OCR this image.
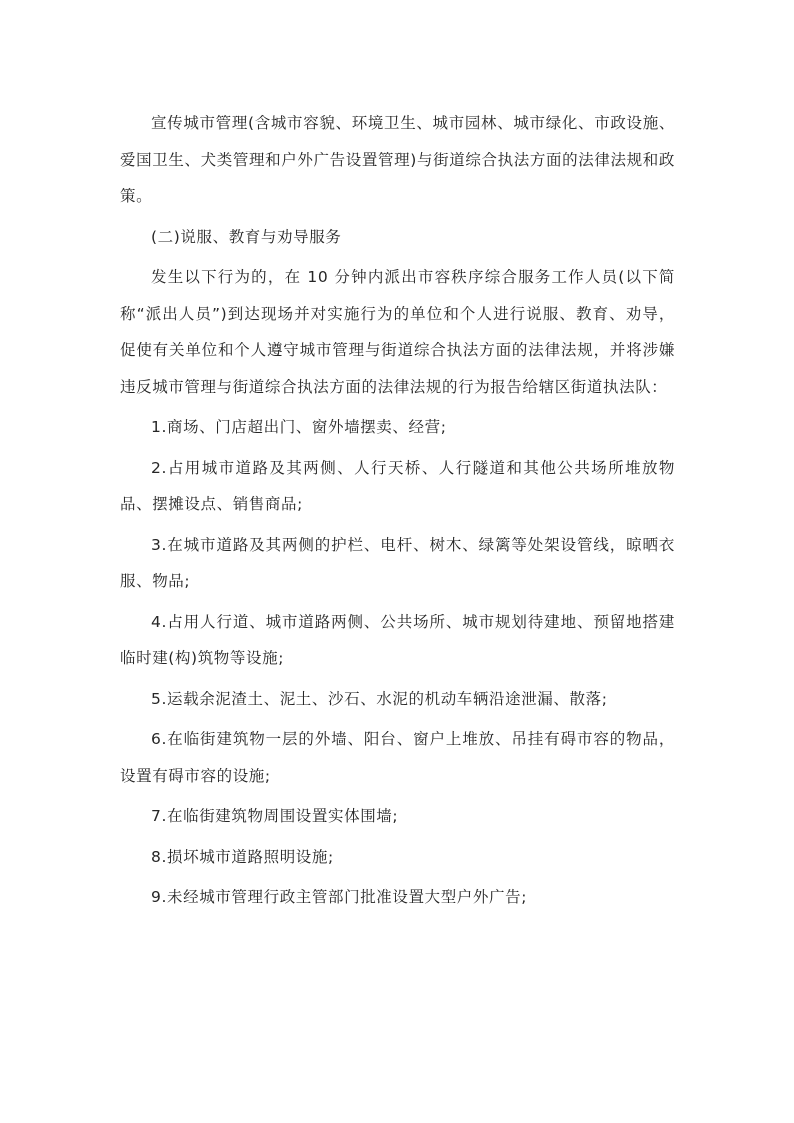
宣传城市管理(含城市容貌、环境卫生、城市园林、城市绿化、市政设施、爱国卫生、犬类管理和户外广告设置管理)与街道综合执法方面的法律法规和政策。

(二)说服、教育与劝导服务

发生以下行为的，在 10 分钟内派出市容秩序综合服务工作人员(以下简称“派出人员”)到达现场并对实施行为的单位和个人进行说服、教育、劝导，促使有关单位和个人遵守城市管理与街道综合执法方面的法律法规，并将涉嫌违反城市管理与街道综合执法方面的法律法规的行为报告给辖区街道执法队：

1.商场、门店超出门、窗外墙摆卖、经营;

2.占用城市道路及其两侧、人行天桥、人行隧道和其他公共场所堆放物品、摆摊设点、销售商品;

3.在城市道路及其两侧的护栏、电杆、树木、绿篱等处架设管线，晾晒衣服、物品;

4.占用人行道、城市道路两侧、公共场所、城市规划待建地、预留地搭建临时建(构)筑物等设施;

5.运载余泥渣土、泥土、沙石、水泥的机动车辆沿途泄漏、散落;

6.在临街建筑物一层的外墙、阳台、窗户上堆放、吊挂有碍市容的物品，设置有碍市容的设施;

7.在临街建筑物周围设置实体围墙;

8.损坏城市道路照明设施;

9.未经城市管理行政主管部门批准设置大型户外广告;
